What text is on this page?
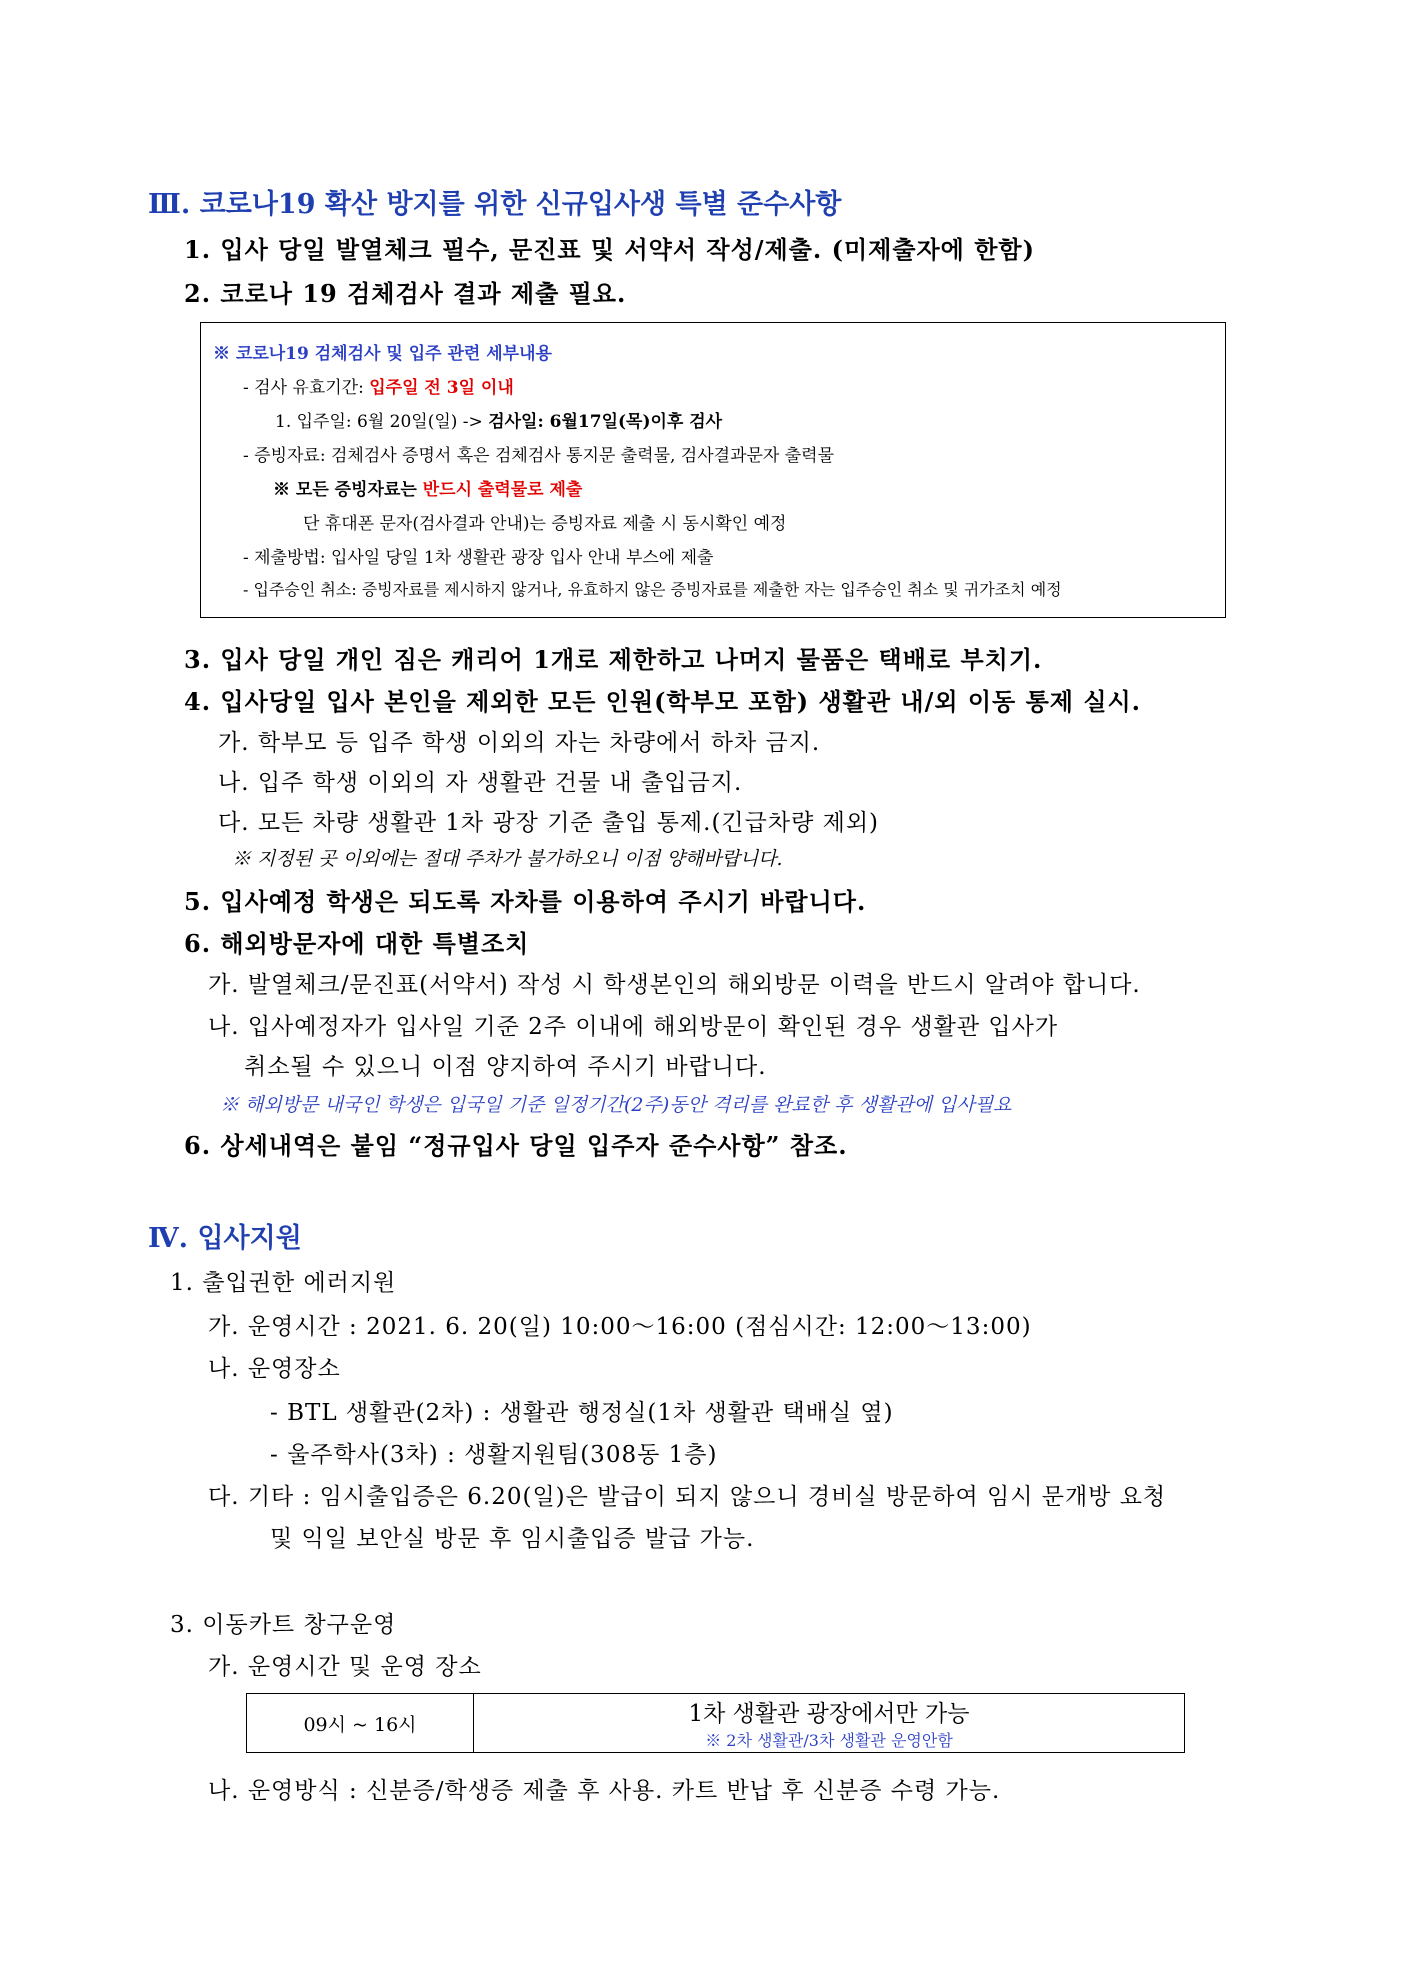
Ⅲ. 코로나19 확산 방지를 위한 신규입사생 특별 준수사항
1. 입사 당일 발열체크 필수, 문진표 및 서약서 작성/제출. (미제출자에 한함)
2. 코로나 19 검체검사 결과 제출 필요.
※ 코로나19 검체검사 및 입주 관련 세부내용
- 검사 유효기간: 입주일 전 3일 이내
1. 입주일: 6월 20일(일) -> 검사일: 6월17일(목)이후 검사
- 증빙자료: 검체검사 증명서 혹은 검체검사 통지문 출력물, 검사결과문자 출력물
※ 모든 증빙자료는 반드시 출력물로 제출
단 휴대폰 문자(검사결과 안내)는 증빙자료 제출 시 동시확인 예정
- 제출방법: 입사일 당일 1차 생활관 광장 입사 안내 부스에 제출
- 입주승인 취소: 증빙자료를 제시하지 않거나, 유효하지 않은 증빙자료를 제출한 자는 입주승인 취소 및 귀가조치 예정
3. 입사 당일 개인 짐은 캐리어 1개로 제한하고 나머지 물품은 택배로 부치기.
4. 입사당일 입사 본인을 제외한 모든 인원(학부모 포함) 생활관 내/외 이동 통제 실시.
가. 학부모 등 입주 학생 이외의 자는 차량에서 하차 금지.
나. 입주 학생 이외의 자 생활관 건물 내 출입금지.
다. 모든 차량 생활관 1차 광장 기준 출입 통제.(긴급차량 제외)
※ 지정된 곳 이외에는 절대 주차가 불가하오니 이점 양해바랍니다.
5. 입사예정 학생은 되도록 자차를 이용하여 주시기 바랍니다.
6. 해외방문자에 대한 특별조치
가. 발열체크/문진표(서약서) 작성 시 학생본인의 해외방문 이력을 반드시 알려야 합니다.
나. 입사예정자가 입사일 기준 2주 이내에 해외방문이 확인된 경우 생활관 입사가
취소될 수 있으니 이점 양지하여 주시기 바랍니다.
※ 해외방문 내국인 학생은 입국일 기준 일정기간(2주)동안 격리를 완료한 후 생활관에 입사필요
6. 상세내역은 붙임 “정규입사 당일 입주자 준수사항” 참조.
Ⅳ. 입사지원
1. 출입권한 에러지원
가. 운영시간 : 2021. 6. 20(일) 10:00～16:00 (점심시간: 12:00～13:00)
나. 운영장소
- BTL 생활관(2차) : 생활관 행정실(1차 생활관 택배실 옆)
- 울주학사(3차) : 생활지원팀(308동 1층)
다. 기타 : 임시출입증은 6.20(일)은 발급이 되지 않으니 경비실 방문하여 임시 문개방 요청
및 익일 보안실 방문 후 임시출입증 발급 가능.
3. 이동카트 창구운영
가. 운영시간 및 운영 장소
09시 ~ 16시	1차 생활관 광장에서만 가능
※ 2차 생활관/3차 생활관 운영안함
나. 운영방식 : 신분증/학생증 제출 후 사용. 카트 반납 후 신분증 수령 가능.
